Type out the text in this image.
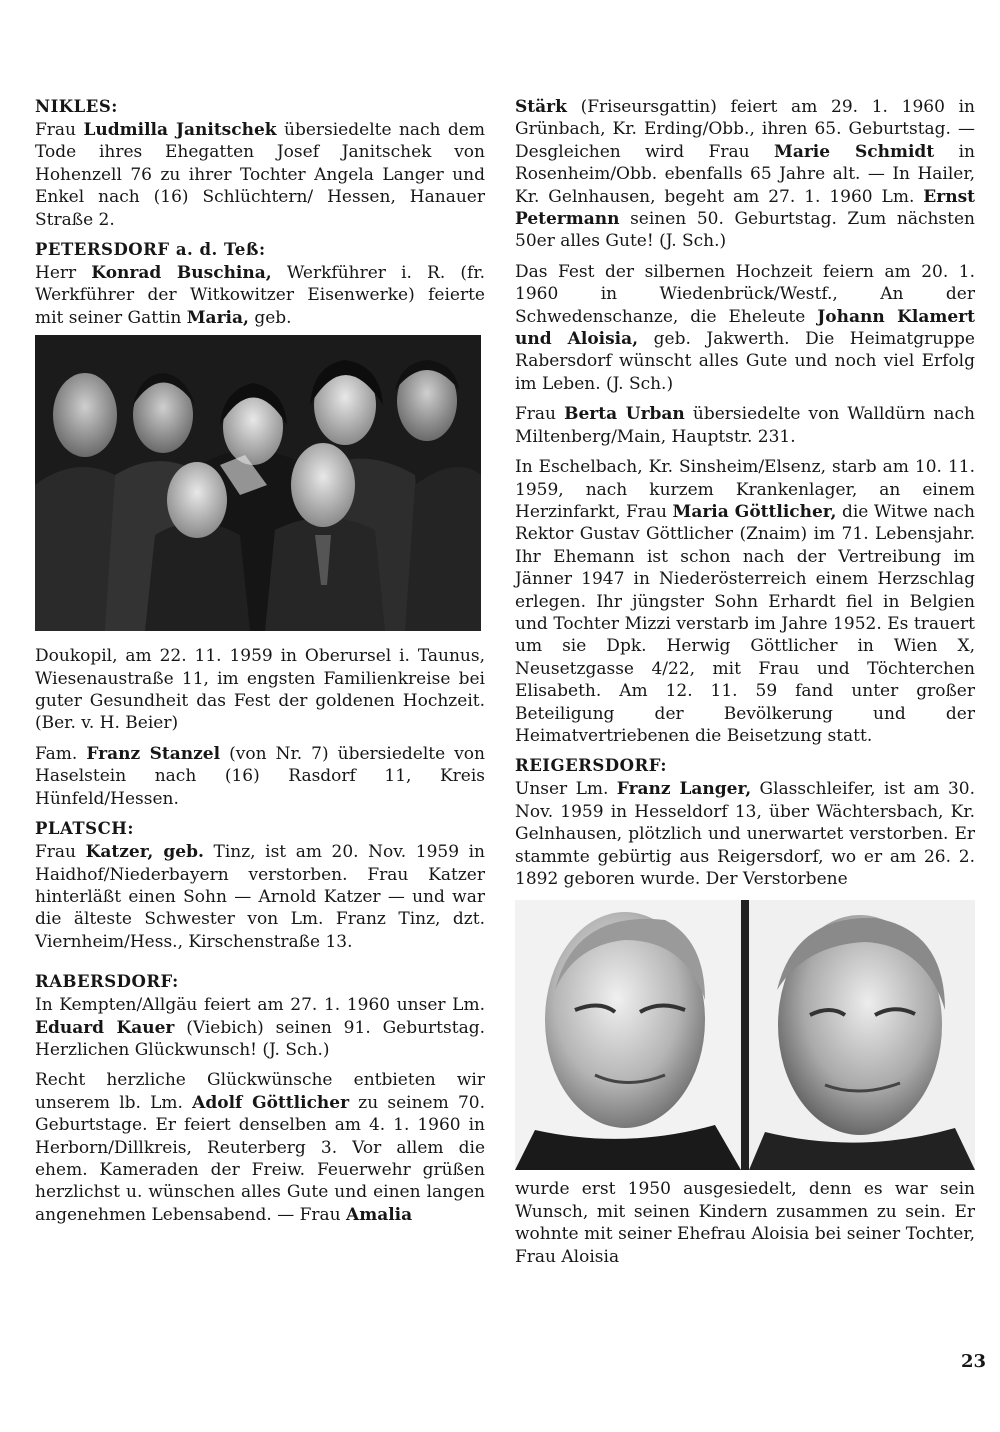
NIKLES:

Frau Ludmilla Janitschek übersiedelte nach dem Tode ihres Ehegatten Josef Janitschek von Hohenzell 76 zu ihrer Tochter Angela Langer und Enkel nach (16) Schlüchtern/ Hessen, Hanauer Straße 2.

PETERSDORF a. d. Teß:

Herr Konrad Buschina, Werkführer i. R. (fr. Werkführer der Witkowitzer Eisenwerke) feierte mit seiner Gattin Maria, geb.

Doukopil, am 22. 11. 1959 in Oberursel i. Taunus, Wiesenaustraße 11, im engsten Familienkreise bei guter Gesundheit das Fest der goldenen Hochzeit. (Ber. v. H. Beier)

Fam. Franz Stanzel (von Nr. 7) übersiedelte von Haselstein nach (16) Rasdorf 11, Kreis Hünfeld/Hessen.

PLATSCH:

Frau Katzer, geb. Tinz, ist am 20. Nov. 1959 in Haidhof/Niederbayern verstorben. Frau Katzer hinterläßt einen Sohn — Arnold Katzer — und war die älteste Schwester von Lm. Franz Tinz, dzt. Viernheim/Hess., Kirschenstraße 13.

RABERSDORF:

In Kempten/Allgäu feiert am 27. 1. 1960 unser Lm. Eduard Kauer (Viebich) seinen 91. Geburtstag. Herzlichen Glückwunsch! (J. Sch.)

Recht herzliche Glückwünsche entbieten wir unserem lb. Lm. Adolf Göttlicher zu seinem 70. Geburtstage. Er feiert denselben am 4. 1. 1960 in Herborn/Dillkreis, Reuterberg 3. Vor allem die ehem. Kameraden der Freiw. Feuerwehr grüßen herzlichst u. wünschen alles Gute und einen langen angenehmen Lebensabend. — Frau Amalia

Stärk (Friseursgattin) feiert am 29. 1. 1960 in Grünbach, Kr. Erding/Obb., ihren 65. Geburtstag. — Desgleichen wird Frau Marie Schmidt in Rosenheim/Obb. ebenfalls 65 Jahre alt. — In Hailer, Kr. Gelnhausen, begeht am 27. 1. 1960 Lm. Ernst Petermann seinen 50. Geburtstag. Zum nächsten 50er alles Gute! (J. Sch.)

Das Fest der silbernen Hochzeit feiern am 20. 1. 1960 in Wiedenbrück/Westf., An der Schwedenschanze, die Eheleute Johann Klamert und Aloisia, geb. Jakwerth. Die Heimatgruppe Rabersdorf wünscht alles Gute und noch viel Erfolg im Leben. (J. Sch.)

Frau Berta Urban übersiedelte von Walldürn nach Miltenberg/Main, Hauptstr. 231.

In Eschelbach, Kr. Sinsheim/Elsenz, starb am 10. 11. 1959, nach kurzem Krankenlager, an einem Herzinfarkt, Frau Maria Göttlicher, die Witwe nach Rektor Gustav Göttlicher (Znaim) im 71. Lebensjahr. Ihr Ehemann ist schon nach der Vertreibung im Jänner 1947 in Niederösterreich einem Herzschlag erlegen. Ihr jüngster Sohn Erhardt fiel in Belgien und Tochter Mizzi verstarb im Jahre 1952. Es trauert um sie Dpk. Herwig Göttlicher in Wien X, Neusetzgasse 4/22, mit Frau und Töchterchen Elisabeth. Am 12. 11. 59 fand unter großer Beteiligung der Bevölkerung und der Heimatvertriebenen die Beisetzung statt.

REIGERSDORF:

Unser Lm. Franz Langer, Glasschleifer, ist am 30. Nov. 1959 in Hesseldorf 13, über Wächtersbach, Kr. Gelnhausen, plötzlich und unerwartet verstorben. Er stammte gebürtig aus Reigersdorf, wo er am 26. 2. 1892 geboren wurde. Der Verstorbene

wurde erst 1950 ausgesiedelt, denn es war sein Wunsch, mit seinen Kindern zusammen zu sein. Er wohnte mit seiner Ehefrau Aloisia bei seiner Tochter, Frau Aloisia

23
